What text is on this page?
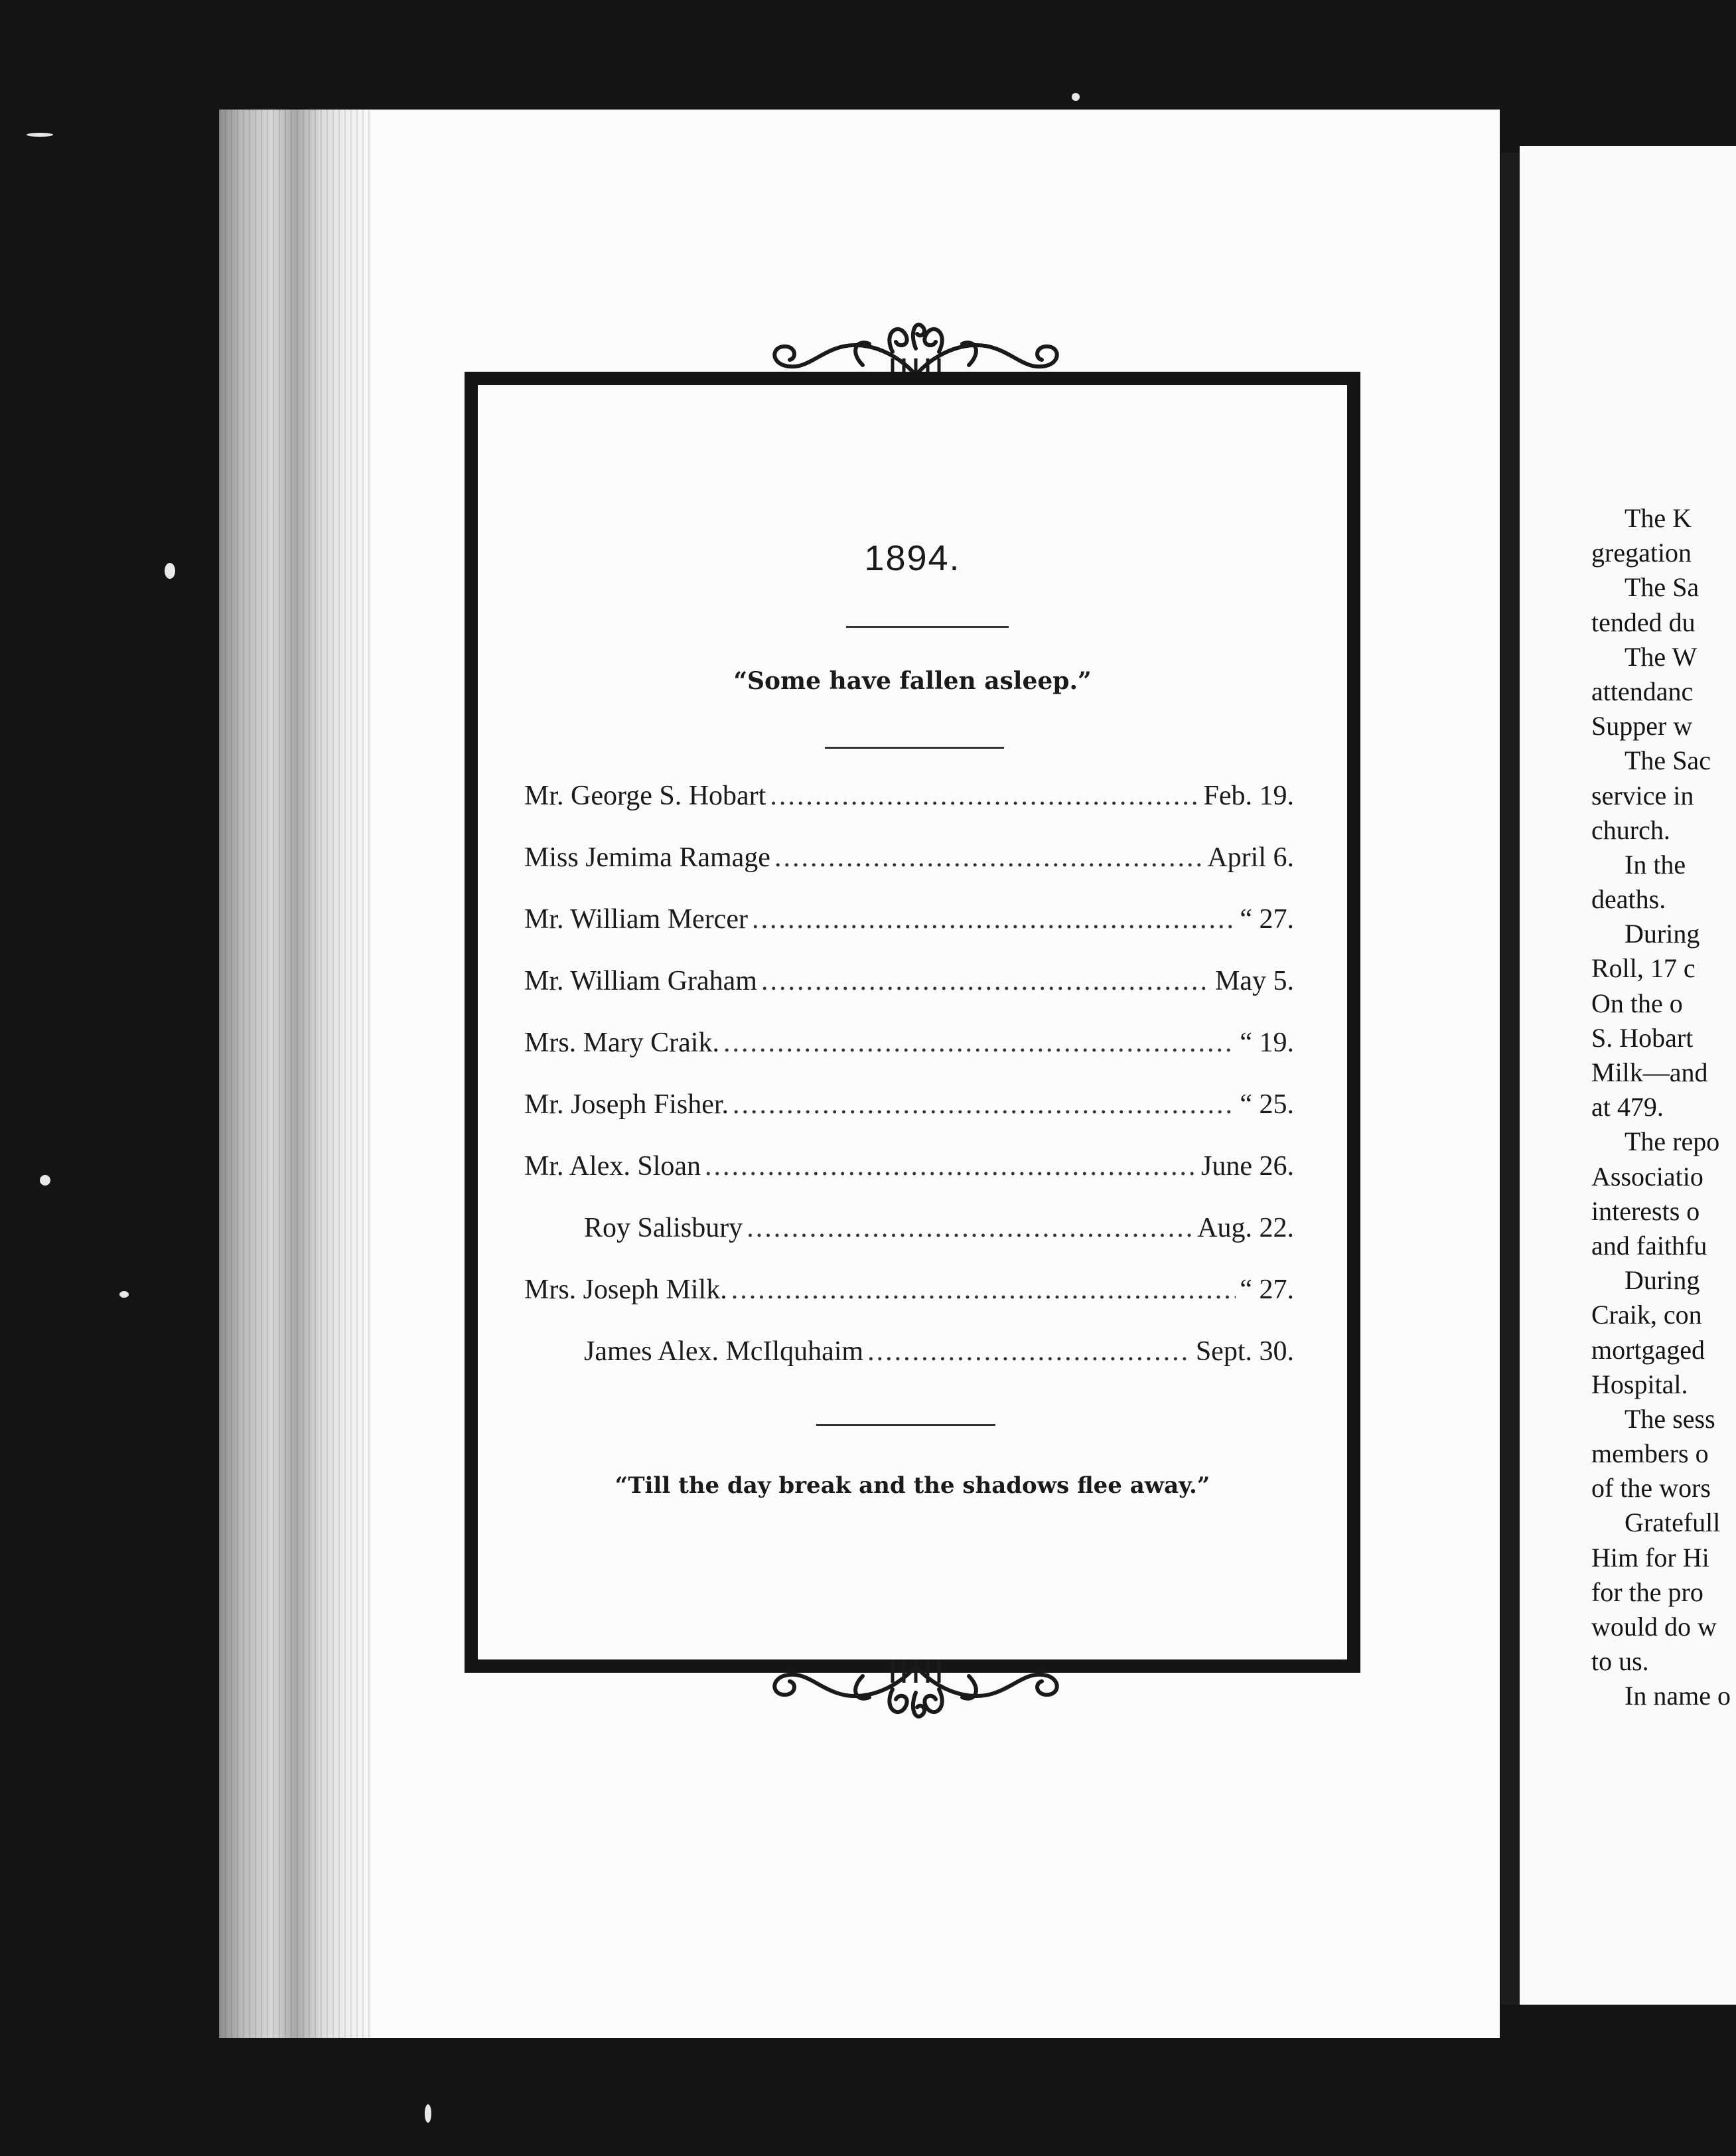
1894.
“Some have fallen asleep.”
Mr. George S. Hobart .....	Feb. 19.
Miss Jemima Ramage .....	April 6.
Mr. William Mercer .....	“ 27.
Mr. William Graham .....	May 5.
Mrs. Mary Craik. .....	“ 19.
Mr. Joseph Fisher. .....	“ 25.
Mr. Alex. Sloan .....	June 26.
Roy Salisbury .....	Aug. 22.
Mrs. Joseph Milk. .....	“ 27.
James Alex. McIlquhaim .....	Sept. 30.
“Till the day break and the shadows flee away.”
The K
gregation
The Sa
tended du
The W
attendanc
Supper w
The Sac
service in
church.
In the
deaths.
During
Roll, 17 c
On the o
S. Hobart
Milk—and
at 479.
The repo
Associatio
interests o
and faithfu
During
Craik, con
mortgaged
Hospital.
The sess
members o
of the wors
Gratefull
Him for Hi
for the pro
would do w
to us.
In name o
